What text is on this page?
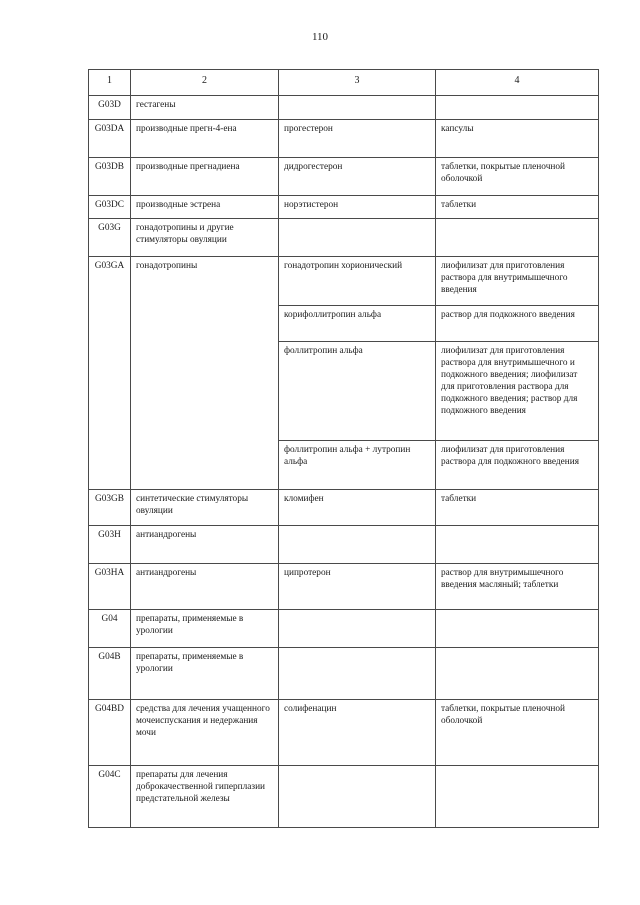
110
1	2	3	4
G03D	гестагены		
G03DA	производные прегн-4-ена	прогестерон	капсулы
G03DB	производные прегнадиена	дидрогестерон	таблетки, покрытые пленочной оболочкой
G03DC	производные эстрена	норэтистерон	таблетки
G03G	гонадотропины и другие стимуляторы овуляции		
G03GA	гонадотропины	гонадотропин хорионический	лиофилизат для приготовления раствора для внутримышечного введения
		корифоллитропин альфа	раствор для подкожного введения
		фоллитропин альфа	лиофилизат для приготовления раствора для внутримышечного и подкожного введения; лиофилизат для приготовления раствора для подкожного введения; раствор для подкожного введения
		фоллитропин альфа + лутропин альфа	лиофилизат для приготовления раствора для подкожного введения
G03GB	синтетические стимуляторы овуляции	кломифен	таблетки
G03H	антиандрогены		
G03HA	антиандрогены	ципротерон	раствор для внутримышечного введения масляный; таблетки
G04	препараты, применяемые в урологии		
G04B	препараты, применяемые в урологии		
G04BD	средства для лечения учащенного мочеиспускания и недержания мочи	солифенацин	таблетки, покрытые пленочной оболочкой
G04C	препараты для лечения доброкачественной гиперплазии предстательной железы		
